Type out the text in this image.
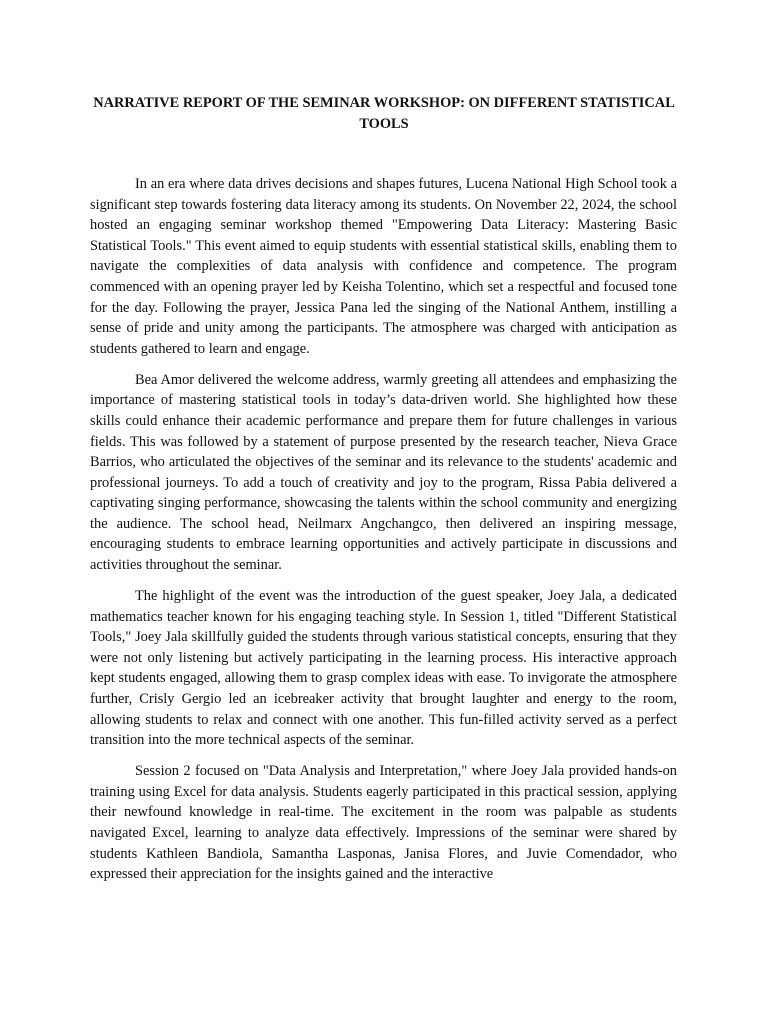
NARRATIVE REPORT OF THE SEMINAR WORKSHOP: ON DIFFERENT STATISTICAL TOOLS

In an era where data drives decisions and shapes futures, Lucena National High School took a significant step towards fostering data literacy among its students. On November 22, 2024, the school hosted an engaging seminar workshop themed "Empowering Data Literacy: Mastering Basic Statistical Tools." This event aimed to equip students with essential statistical skills, enabling them to navigate the complexities of data analysis with confidence and competence. The program commenced with an opening prayer led by Keisha Tolentino, which set a respectful and focused tone for the day. Following the prayer, Jessica Pana led the singing of the National Anthem, instilling a sense of pride and unity among the participants. The atmosphere was charged with anticipation as students gathered to learn and engage.

Bea Amor delivered the welcome address, warmly greeting all attendees and emphasizing the importance of mastering statistical tools in today’s data-driven world. She highlighted how these skills could enhance their academic performance and prepare them for future challenges in various fields. This was followed by a statement of purpose presented by the research teacher, Nieva Grace Barrios, who articulated the objectives of the seminar and its relevance to the students' academic and professional journeys. To add a touch of creativity and joy to the program, Rissa Pabia delivered a captivating singing performance, showcasing the talents within the school community and energizing the audience. The school head, Neilmarx Angchangco, then delivered an inspiring message, encouraging students to embrace learning opportunities and actively participate in discussions and activities throughout the seminar.

The highlight of the event was the introduction of the guest speaker, Joey Jala, a dedicated mathematics teacher known for his engaging teaching style. In Session 1, titled "Different Statistical Tools," Joey Jala skillfully guided the students through various statistical concepts, ensuring that they were not only listening but actively participating in the learning process. His interactive approach kept students engaged, allowing them to grasp complex ideas with ease. To invigorate the atmosphere further, Crisly Gergio led an icebreaker activity that brought laughter and energy to the room, allowing students to relax and connect with one another. This fun-filled activity served as a perfect transition into the more technical aspects of the seminar.

Session 2 focused on "Data Analysis and Interpretation," where Joey Jala provided hands-on training using Excel for data analysis. Students eagerly participated in this practical session, applying their newfound knowledge in real-time. The excitement in the room was palpable as students navigated Excel, learning to analyze data effectively. Impressions of the seminar were shared by students Kathleen Bandiola, Samantha Lasponas, Janisa Flores, and Juvie Comendador, who expressed their appreciation for the insights gained and the interactive
